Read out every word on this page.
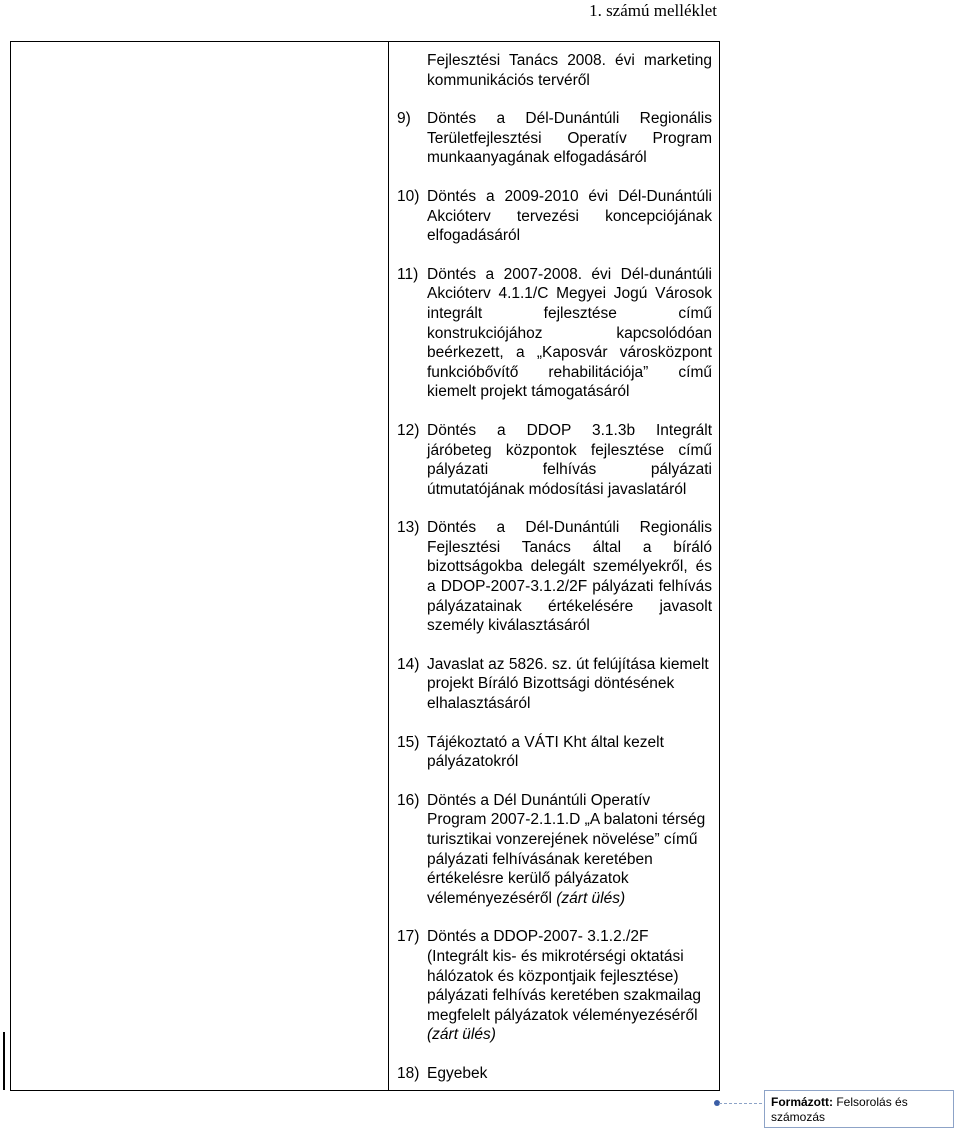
1. számú melléklet
Fejlesztési Tanács 2008. évi marketing kommunikációs tervéről
9)	Döntés a Dél-Dunántúli Regionális Területfejlesztési Operatív Program munkaanyagának elfogadásáról
10) Döntés a 2009-2010 évi Dél-Dunántúli Akcióterv tervezési koncepciójának elfogadásáról
11) Döntés a 2007-2008. évi Dél-dunántúli Akcióterv 4.1.1/C Megyei Jogú Városok integrált fejlesztése című konstrukciójához kapcsolódóan beérkezett, a „Kaposvár városközpont funkcióbővítő rehabilitációja” című kiemelt projekt támogatásáról
12) Döntés a DDOP 3.1.3b Integrált járóbeteg központok fejlesztése című pályázati felhívás pályázati útmutatójának módosítási javaslatáról
13) Döntés a Dél-Dunántúli Regionális Fejlesztési Tanács által a bíráló bizottságokba delegált személyekről, és a DDOP-2007-3.1.2/2F pályázati felhívás pályázatainak értékelésére javasolt személy kiválasztásáról
14) Javaslat az 5826. sz. út felújítása kiemelt projekt Bíráló Bizottsági döntésének elhalasztásáról
15) Tájékoztató a VÁTI Kht által kezelt pályázatokról
16) Döntés a Dél Dunántúli Operatív Program 2007-2.1.1.D „A balatoni térség turisztikai vonzerejének növelése” című pályázati felhívásának keretében értékelésre kerülő pályázatok véleményezéséről (zárt ülés)
17) Döntés a DDOP-2007- 3.1.2./2F (Integrált kis- és mikrotérségi oktatási hálózatok és központjaik fejlesztése) pályázati felhívás keretében szakmailag megfelelt pályázatok véleményezéséről (zárt ülés)
18) Egyebek
Formázott: Felsorolás és számozás
